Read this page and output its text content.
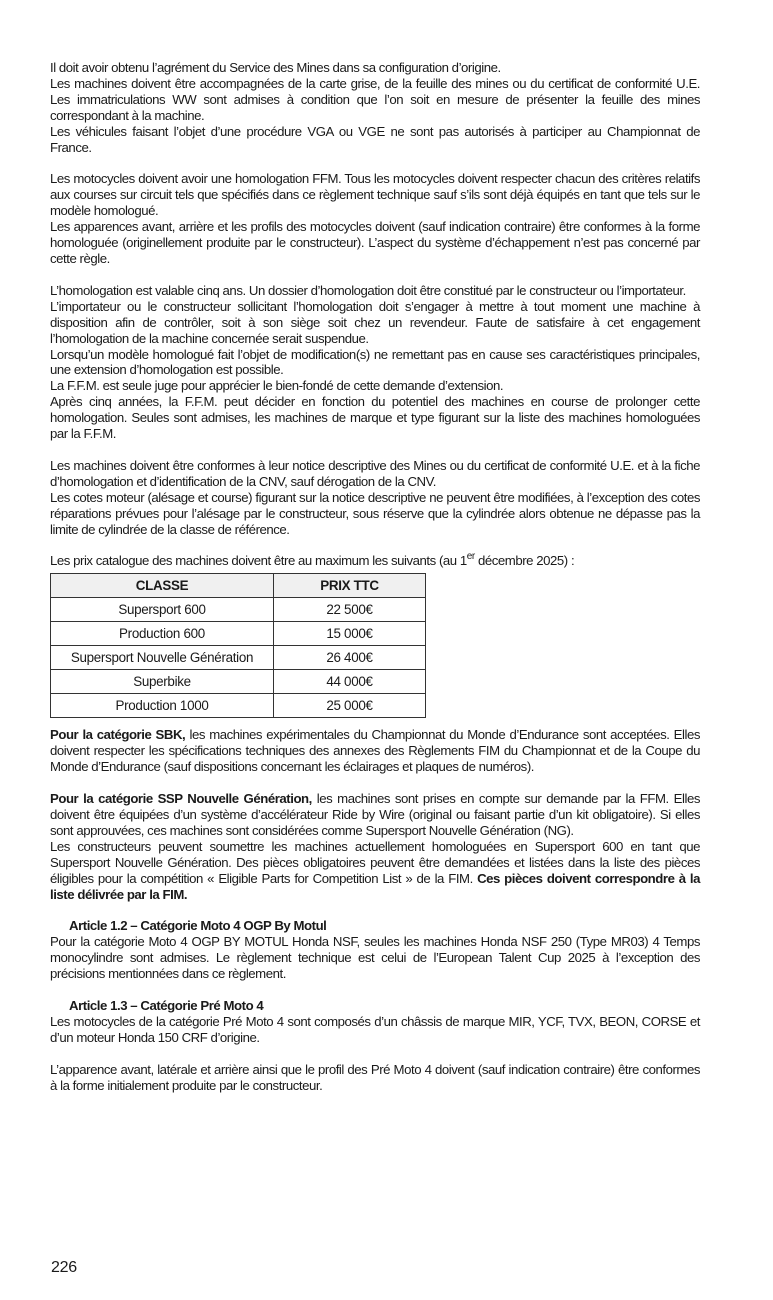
Il doit avoir obtenu l’agrément du Service des Mines dans sa configuration d’origine.

Les machines doivent être accompagnées de la carte grise, de la feuille des mines ou du certificat de conformité U.E. Les immatriculations WW sont admises à condition que l’on soit en mesure de présenter la feuille des mines correspondant à la machine.

Les véhicules faisant l’objet d’une procédure VGA ou VGE ne sont pas autorisés à participer au Championnat de France.

Les motocycles doivent avoir une homologation FFM. Tous les motocycles doivent respecter chacun des critères relatifs aux courses sur circuit tels que spécifiés dans ce règlement technique sauf s’ils sont déjà équipés en tant que tels sur le modèle homologué.

Les apparences avant, arrière et les profils des motocycles doivent (sauf indication contraire) être conformes à la forme homologuée (originellement produite par le constructeur). L’aspect du système d’échappement n’est pas concerné par cette règle.

L’homologation est valable cinq ans. Un dossier d’homologation doit être constitué par le constructeur ou l’importateur.

L’importateur ou le constructeur sollicitant l’homologation doit s’engager à mettre à tout moment une machine à disposition afin de contrôler, soit à son siège soit chez un revendeur. Faute de satisfaire à cet engagement l’homologation de la machine concernée serait suspendue.

Lorsqu’un modèle homologué fait l’objet de modification(s) ne remettant pas en cause ses caractéristiques principales, une extension d’homologation est possible.

La F.F.M. est seule juge pour apprécier le bien-fondé de cette demande d’extension.

Après cinq années, la F.F.M. peut décider en fonction du potentiel des machines en course de prolonger cette homologation. Seules sont admises, les machines de marque et type figurant sur la liste des machines homologuées par la F.F.M.

Les machines doivent être conformes à leur notice descriptive des Mines ou du certificat de conformité U.E. et à la fiche d’homologation et d’identification de la CNV, sauf dérogation de la CNV.

Les cotes moteur (alésage et course) figurant sur la notice descriptive ne peuvent être modifiées, à l’exception des cotes réparations prévues pour l’alésage par le constructeur, sous réserve que la cylindrée alors obtenue ne dépasse pas la limite de cylindrée de la classe de référence.

Les prix catalogue des machines doivent être au maximum les suivants (au 1er décembre 2025) :

CLASSE	PRIX TTC
Supersport 600	22 500€
Production 600	15 000€
Supersport Nouvelle Génération	26 400€
Superbike	44 000€
Production 1000	25 000€

Pour la catégorie SBK, les machines expérimentales du Championnat du Monde d’Endurance sont acceptées. Elles doivent respecter les spécifications techniques des annexes des Règlements FIM du Championnat et de la Coupe du Monde d’Endurance (sauf dispositions concernant les éclairages et plaques de numéros).

Pour la catégorie SSP Nouvelle Génération, les machines sont prises en compte sur demande par la FFM. Elles doivent être équipées d’un système d’accélérateur Ride by Wire (original ou faisant partie d’un kit obligatoire). Si elles sont approuvées, ces machines sont considérées comme Supersport Nouvelle Génération (NG).

Les constructeurs peuvent soumettre les machines actuellement homologuées en Supersport 600 en tant que Supersport Nouvelle Génération. Des pièces obligatoires peuvent être demandées et listées dans la liste des pièces éligibles pour la compétition « Eligible Parts for Competition List » de la FIM. Ces pièces doivent correspondre à la liste délivrée par la FIM.

Article 1.2 – Catégorie Moto 4 OGP By Motul

Pour la catégorie Moto 4 OGP BY MOTUL Honda NSF, seules les machines Honda NSF 250 (Type MR03) 4 Temps monocylindre sont admises. Le règlement technique est celui de l’European Talent Cup 2025 à l’exception des précisions mentionnées dans ce règlement.

Article 1.3 – Catégorie Pré Moto 4

Les motocycles de la catégorie Pré Moto 4 sont composés d’un châssis de marque MIR, YCF, TVX, BEON, CORSE et d’un moteur Honda 150 CRF d’origine.

L’apparence avant, latérale et arrière ainsi que le profil des Pré Moto 4 doivent (sauf indication contraire) être conformes à la forme initialement produite par le constructeur.

226
